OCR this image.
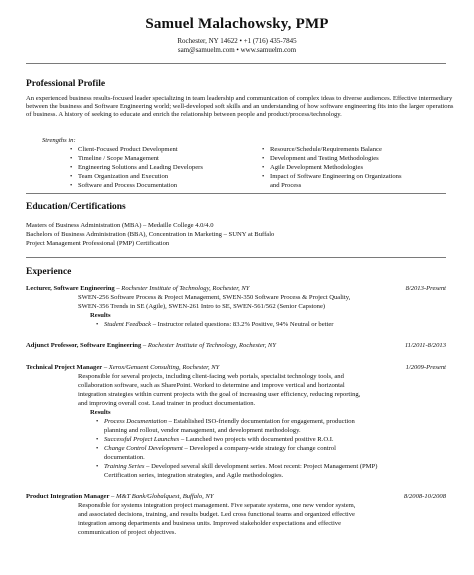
Samuel Malachowsky, PMP
Rochester, NY 14622 • +1 (716) 435-7845
sam@samuelm.com • www.samuelm.com
Professional Profile
An experienced business results-focused leader specializing in team leadership and communication of complex ideas to diverse audiences. Effective intermediary between the business and Software Engineering world; well-developed soft skills and an understanding of how software engineering fits into the larger operations of business. A history of seeking to educate and enrich the relationship between people and product/process/technology.
Strengths in:
• Client-Focused Product Development
• Timeline / Scope Management
• Engineering Solutions and Leading Developers
• Team Organization and Execution
• Software and Process Documentation
• Resource/Schedule/Requirements Balance
• Development and Testing Methodologies
• Agile Development Methodologies
• Impact of Software Engineering on Organizations
and Process
Education/Certifications
Masters of Business Administration (MBA) – Medaille College 4.0/4.0
Bachelors of Business Administration (BBA), Concentration in Marketing – SUNY at Buffalo
Project Management Professional (PMP) Certification
Experience
Lecturer, Software Engineering – Rochester Institute of Technology, Rochester, NY	8/2013-Present
SWEN-256 Software Process & Project Management, SWEN-350 Software Process & Project Quality,
SWEN-356 Trends in SE (Agile), SWEN-261 Intro to SE, SWEN-561/562 (Senior Capstone)
Results
• Student Feedback – Instructor related questions: 83.2% Positive, 94% Neutral or better
Adjunct Professor, Software Engineering – Rochester Institute of Technology, Rochester, NY	11/2011-8/2013
Technical Project Manager – Xerox/Genuent Consulting, Rochester, NY	1/2009-Present
Responsible for several projects, including client-facing web portals, specialist technology tools, and
collaboration software, such as SharePoint. Worked to determine and improve vertical and horizontal
integration strategies within current projects with the goal of increasing user efficiency, reducing reporting,
and improving overall cost. Lead trainer in product documentation.
Results
• Process Documentation – Established ISO-friendly documentation for engagement, production
planning and rollout, vendor management, and development methodology.
• Successful Project Launches – Launched two projects with documented positive R.O.I.
• Change Control Development – Developed a company-wide strategy for change control
documentation.
• Training Series – Developed several skill development series. Most recent: Project Management (PMP)
Certification series, integration strategies, and Agile methodologies.
Product Integration Manager – M&T Bank/Globalquest, Buffalo, NY	8/2008-10/2008
Responsible for systems integration project management. Five separate systems, one new vendor system,
and associated decisions, training, and results budget. Led cross functional teams and organized effective
integration among departments and business units. Improved stakeholder expectations and effective
communication of project objectives.
